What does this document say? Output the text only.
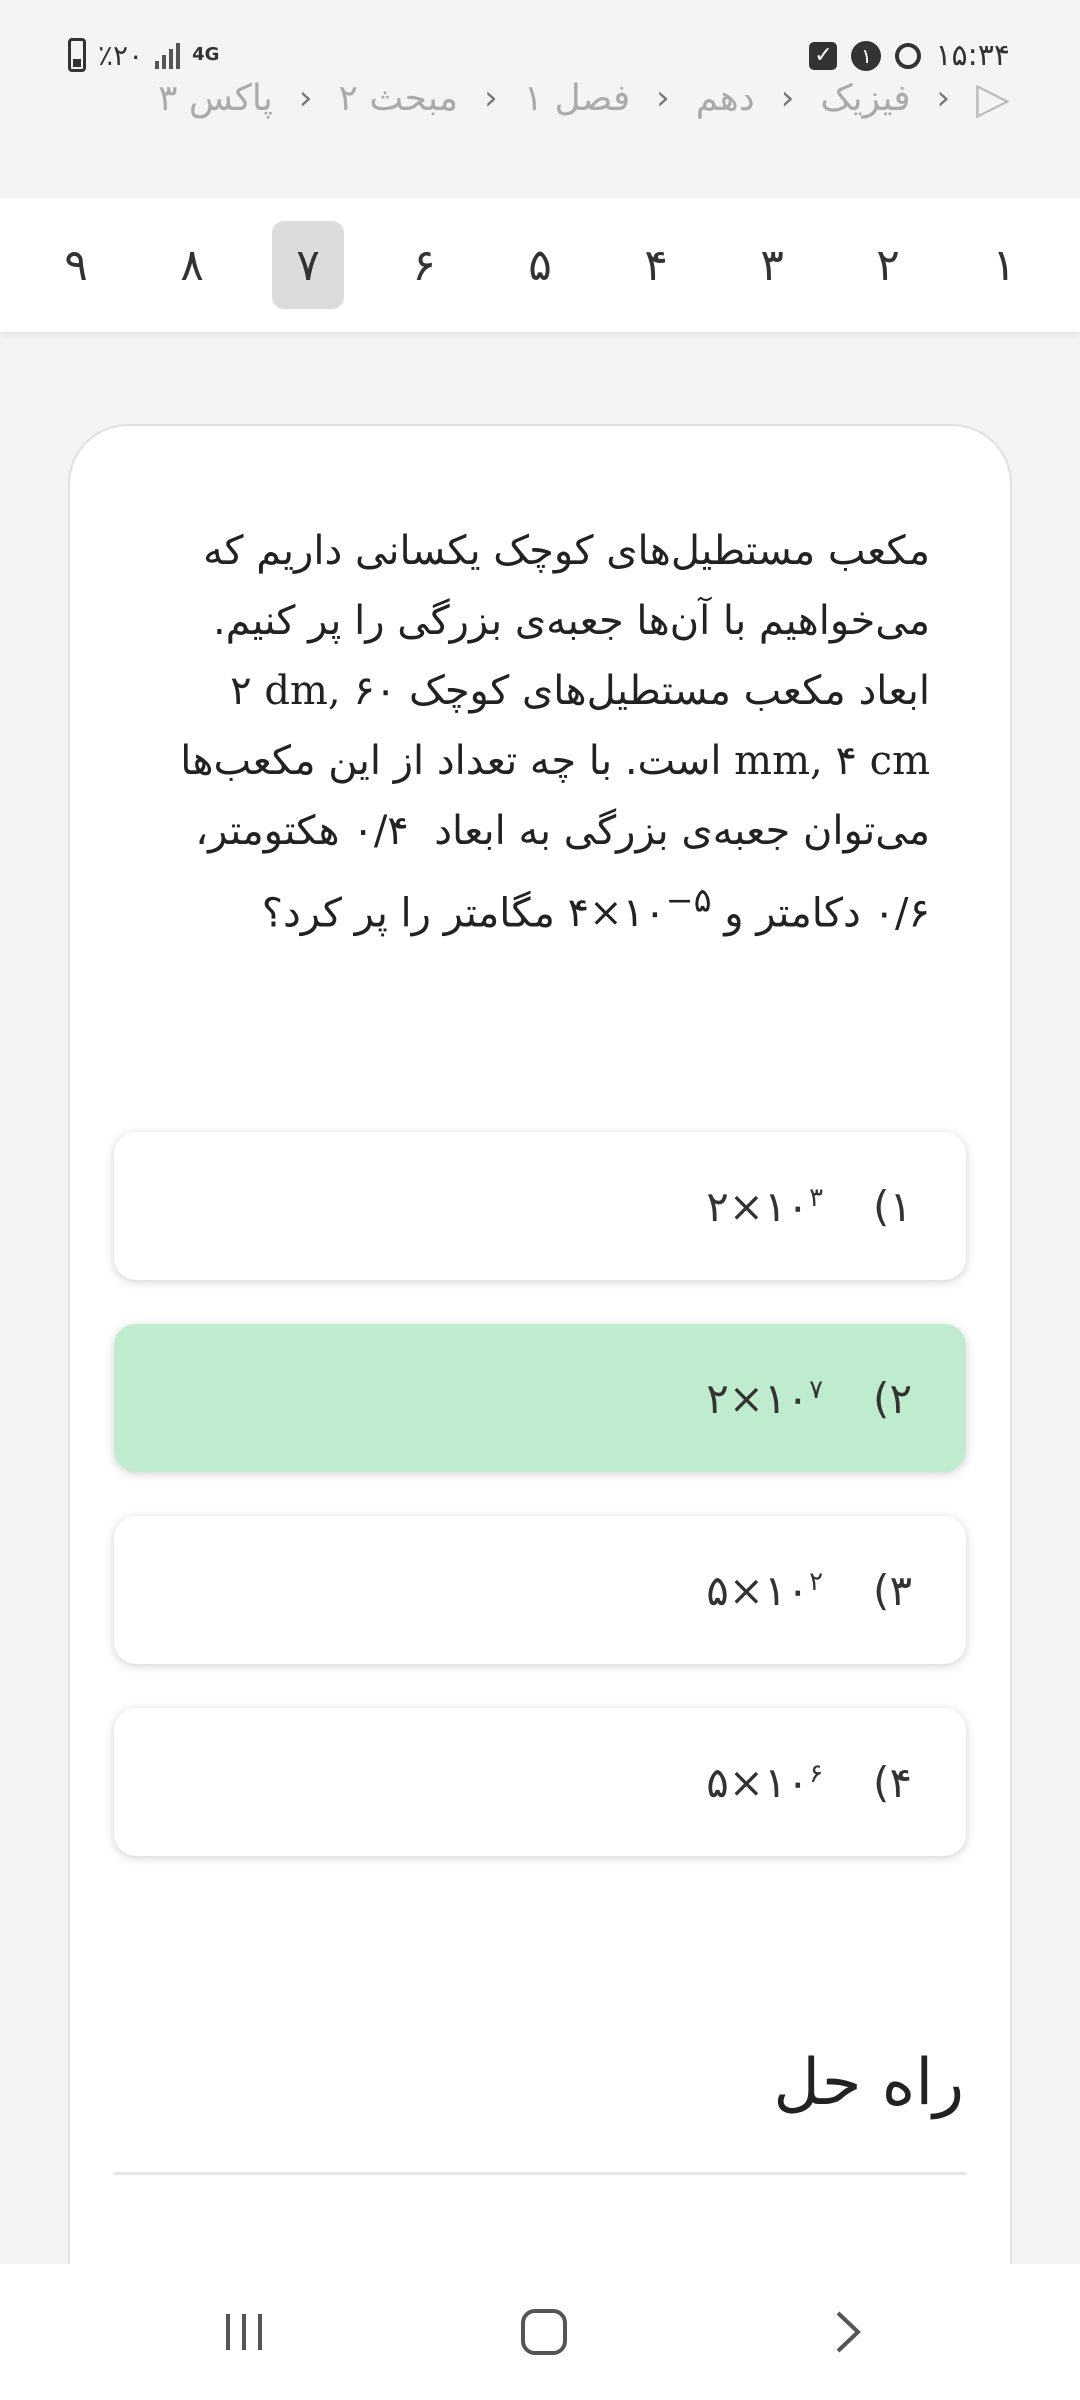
٪۲۰	4G	✓	۱	۱۵:۳۴
▷
‹
فیزیک
‹
دهم
‹
فصل ۱
‹
مبحث ۲
‹
پاکس ۳
۱
۲
۳
۴
۵
۶
۷
۸
۹
مکعب مستطیل‌های کوچک یکسانی داریم که می‌خواهیم با آن‌ها جعبه‌ی بزرگی را پر کنیم. ابعاد مکعب مستطیل‌های کوچک ۲ dm, ۶۰ mm, ۴ cm است. با چه تعداد از این مکعب‌ها می‌توان جعبه‌ی بزرگی به ابعاد  ۰/۴ هکتومتر، ۰/۶ دکامتر و $۴\times ۱۰^{-۵}$ مگامتر را پر کرد؟
۱)
$۲\times ۱۰^۳$
۲)
$۲\times ۱۰^۷$
۳)
$۵\times ۱۰^۲$
۴)
$۵\times ۱۰^۶$
راه حل
